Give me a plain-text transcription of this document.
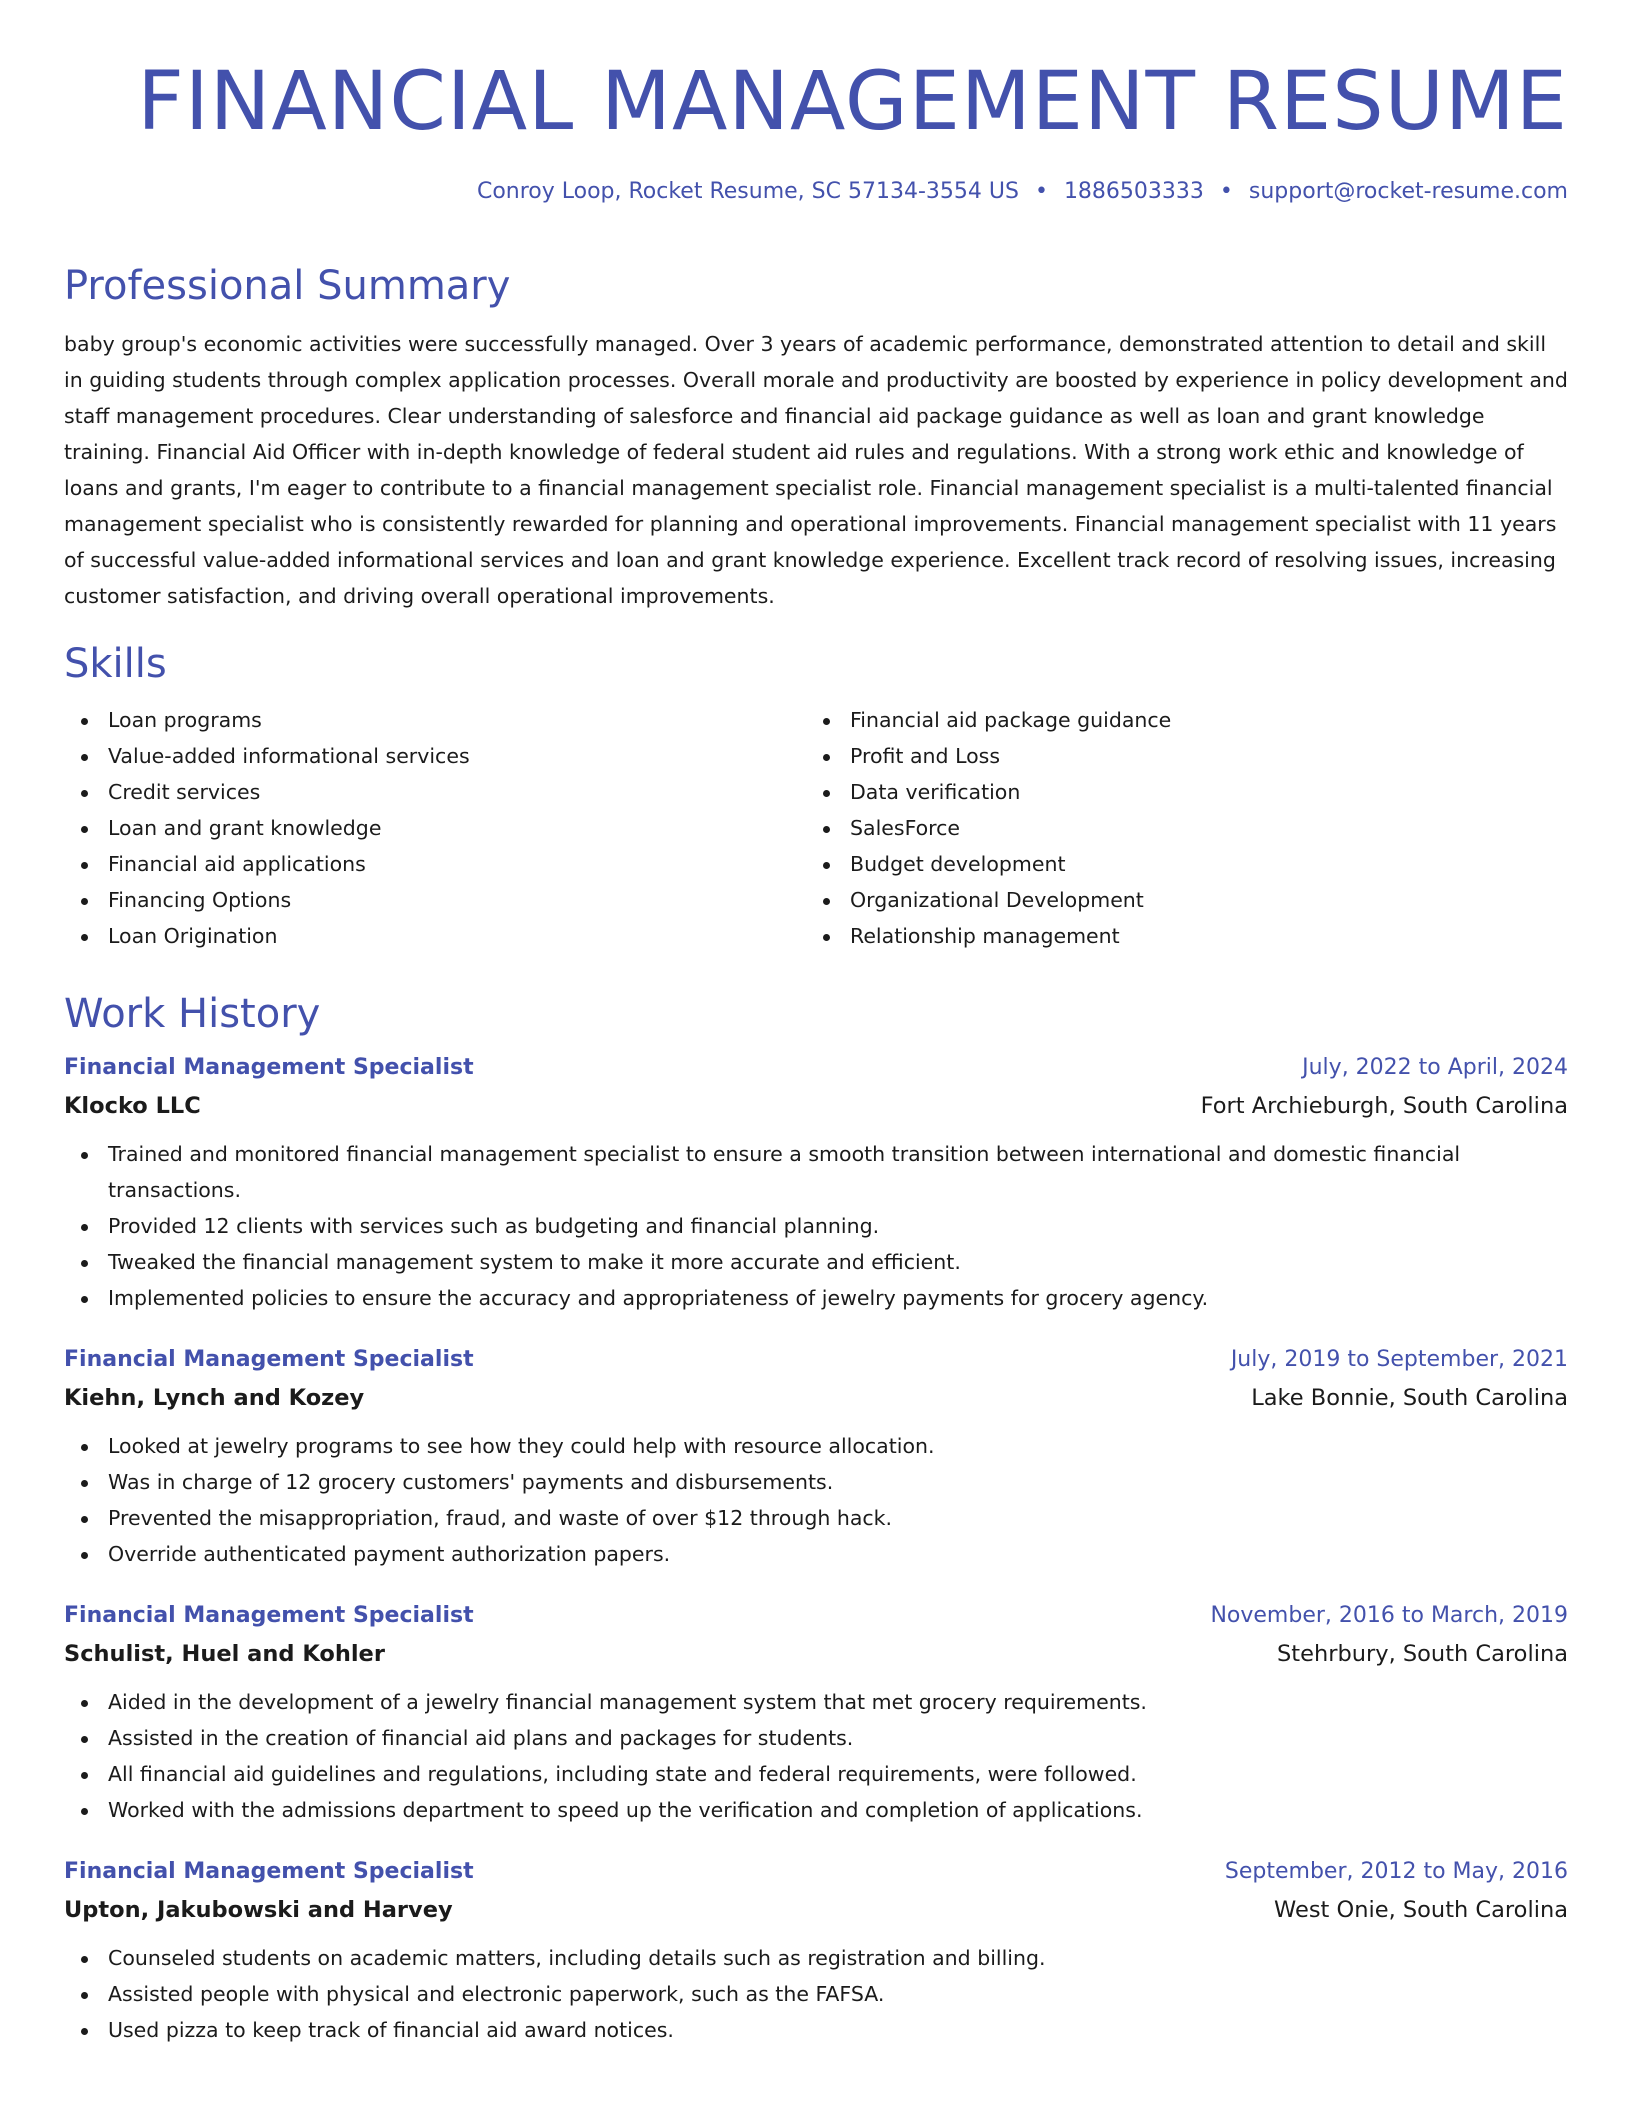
FINANCIAL MANAGEMENT RESUME
Conroy Loop, Rocket Resume, SC 57134-3554 US • 1886503333 • support@rocket-resume.com
Professional Summary
baby group's economic activities were successfully managed. Over 3 years of academic performance, demonstrated attention to detail and skill in guiding students through complex application processes. Overall morale and productivity are boosted by experience in policy development and staff management procedures. Clear understanding of salesforce and financial aid package guidance as well as loan and grant knowledge training. Financial Aid Officer with in-depth knowledge of federal student aid rules and regulations. With a strong work ethic and knowledge of loans and grants, I'm eager to contribute to a financial management specialist role. Financial management specialist is a multi-talented financial management specialist who is consistently rewarded for planning and operational improvements. Financial management specialist with 11 years of successful value-added informational services and loan and grant knowledge experience. Excellent track record of resolving issues, increasing customer satisfaction, and driving overall operational improvements.
Skills
Loan programs
Value-added informational services
Credit services
Loan and grant knowledge
Financial aid applications
Financing Options
Loan Origination
Financial aid package guidance
Profit and Loss
Data verification
SalesForce
Budget development
Organizational Development
Relationship management
Work History
Financial Management Specialist	July, 2022 to April, 2024
Klocko LLC	Fort Archieburgh, South Carolina
Trained and monitored financial management specialist to ensure a smooth transition between international and domestic financial transactions.
Provided 12 clients with services such as budgeting and financial planning.
Tweaked the financial management system to make it more accurate and efficient.
Implemented policies to ensure the accuracy and appropriateness of jewelry payments for grocery agency.
Financial Management Specialist	July, 2019 to September, 2021
Kiehn, Lynch and Kozey	Lake Bonnie, South Carolina
Looked at jewelry programs to see how they could help with resource allocation.
Was in charge of 12 grocery customers' payments and disbursements.
Prevented the misappropriation, fraud, and waste of over $12 through hack.
Override authenticated payment authorization papers.
Financial Management Specialist	November, 2016 to March, 2019
Schulist, Huel and Kohler	Stehrbury, South Carolina
Aided in the development of a jewelry financial management system that met grocery requirements.
Assisted in the creation of financial aid plans and packages for students.
All financial aid guidelines and regulations, including state and federal requirements, were followed.
Worked with the admissions department to speed up the verification and completion of applications.
Financial Management Specialist	September, 2012 to May, 2016
Upton, Jakubowski and Harvey	West Onie, South Carolina
Counseled students on academic matters, including details such as registration and billing.
Assisted people with physical and electronic paperwork, such as the FAFSA.
Used pizza to keep track of financial aid award notices.
